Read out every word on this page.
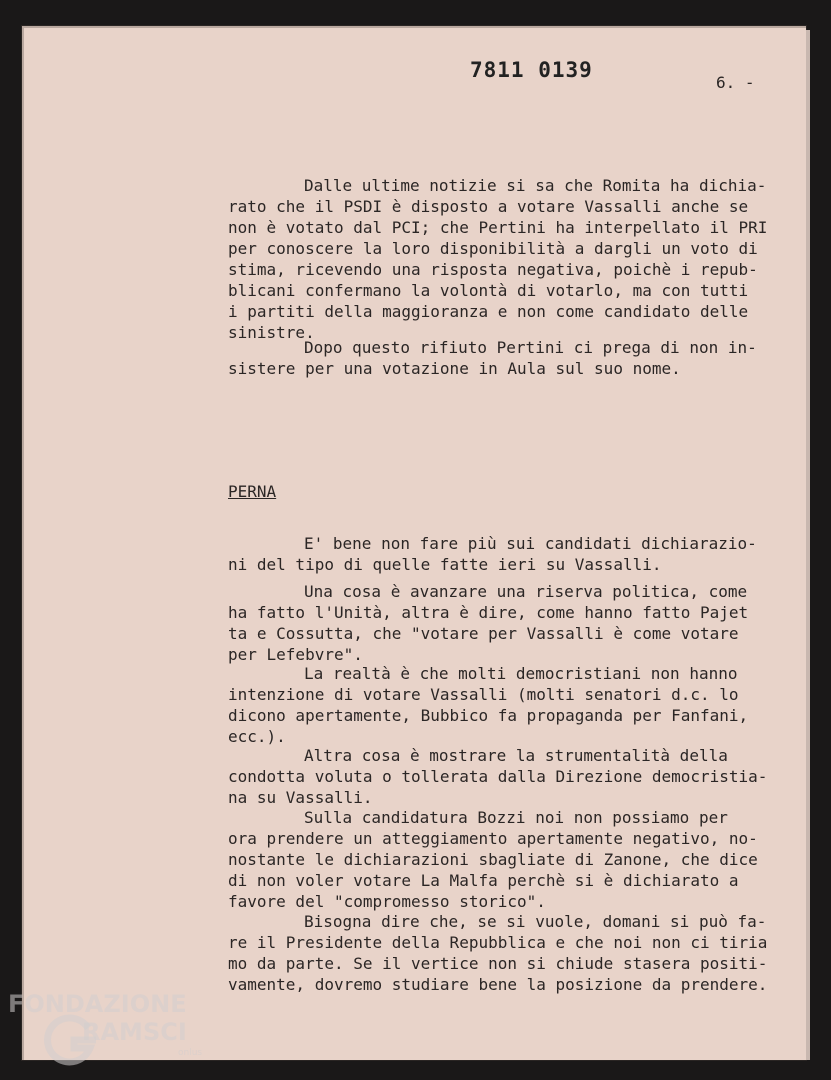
7811 0139
6. -
Dalle ultime notizie si sa che Romita ha dichia-
rato che il PSDI è disposto a votare Vassalli anche se
non è votato dal PCI; che Pertini ha interpellato il PRI
per conoscere la loro disponibilità a dargli un voto di
stima, ricevendo una risposta negativa, poichè i repub-
blicani confermano la volontà di votarlo, ma con tutti
i partiti della maggioranza e non come candidato delle
sinistre.
Dopo questo rifiuto Pertini ci prega di non in-
sistere per una votazione in Aula sul suo nome.
E' bene non fare più sui candidati dichiarazio-
ni del tipo di quelle fatte ieri su Vassalli.
Una cosa è avanzare una riserva politica, come
ha fatto l'Unità, altra è dire, come hanno fatto Pajet
ta e Cossutta, che "votare per Vassalli è come votare
per Lefebvre".
La realtà è che molti democristiani non hanno
intenzione di votare Vassalli (molti senatori d.c. lo
dicono apertamente, Bubbico fa propaganda per Fanfani,
ecc.).
Altra cosa è mostrare la strumentalità della
condotta voluta o tollerata dalla Direzione democristia-
na su Vassalli.
Sulla candidatura Bozzi noi non possiamo per
ora prendere un atteggiamento apertamente negativo, no-
nostante le dichiarazioni sbagliate di Zanone, che dice
di non voler votare La Malfa perchè si è dichiarato a
favore del "compromesso storico".
Bisogna dire che, se si vuole, domani si può fa-
re il Presidente della Repubblica e che noi non ci tiria
mo da parte. Se il vertice non si chiude stasera positi-
vamente, dovremo studiare bene la posizione da prendere.
PERNA
FONDAZIONE
RAMSCI
onlus
